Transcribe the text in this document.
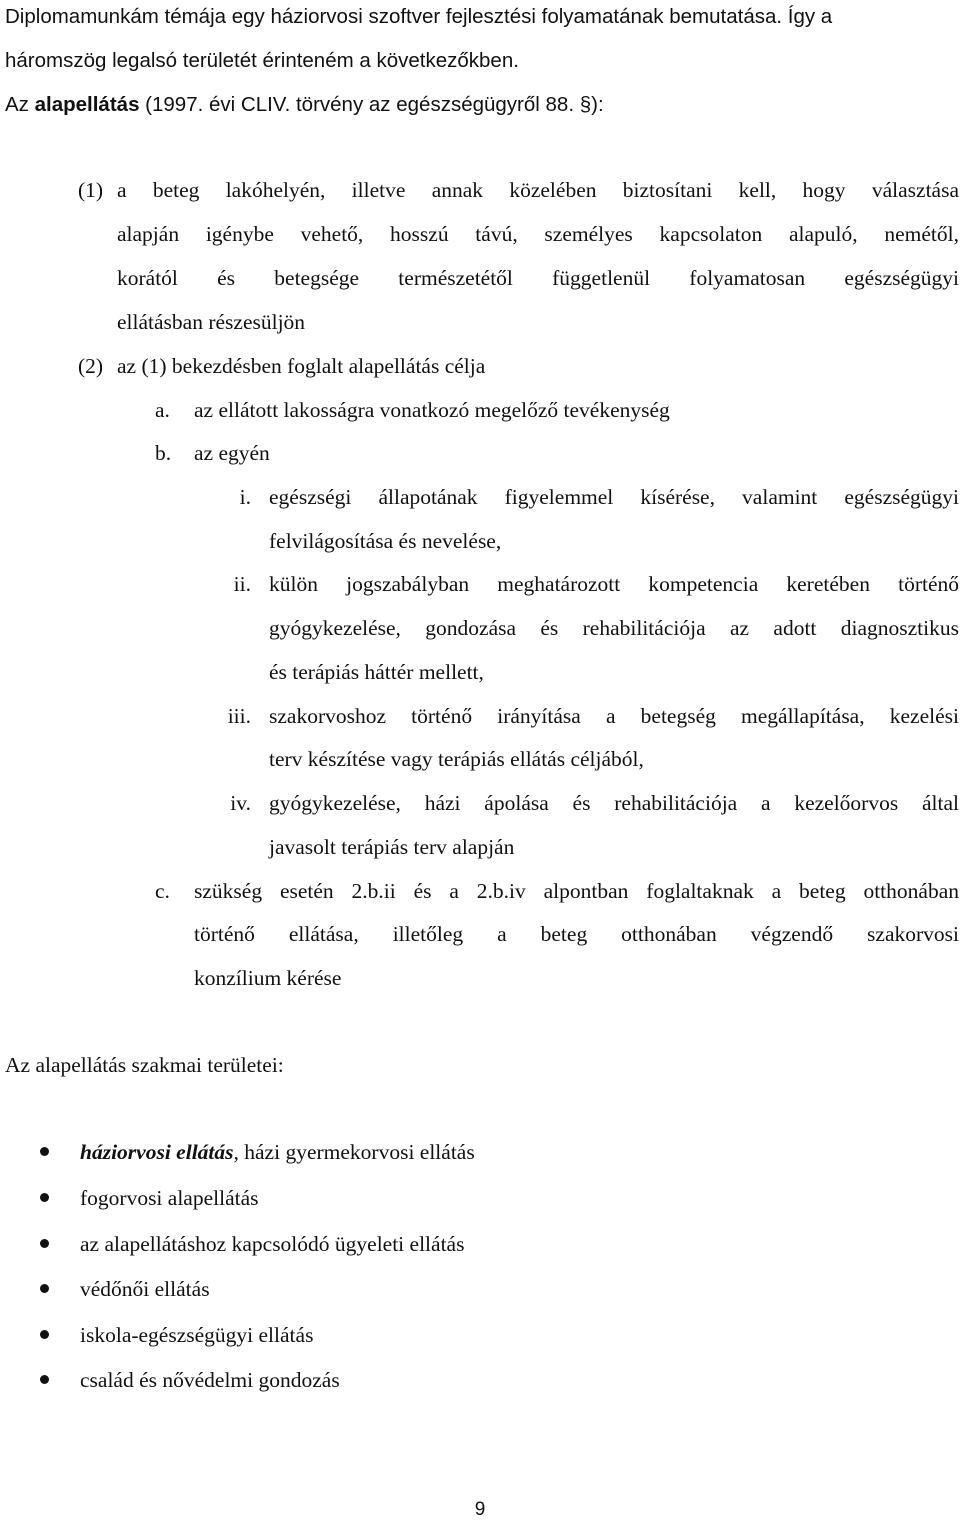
Diplomamunkám témája egy háziorvosi szoftver fejlesztési folyamatának bemutatása. Így a
háromszög legalsó területét érinteném a következőkben.
Az alapellátás (1997. évi CLIV. törvény az egészségügyről 88. §):
(1) a beteg lakóhelyén, illetve annak közelében biztosítani kell, hogy választása
alapján igénybe vehető, hosszú távú, személyes kapcsolaton alapuló, nemétől,
korától és betegsége természetétől függetlenül folyamatosan egészségügyi
ellátásban részesüljön
(2) az (1) bekezdésben foglalt alapellátás célja
a.	az ellátott lakosságra vonatkozó megelőző tevékenység
b.	az egyén
i. egészségi állapotának figyelemmel kísérése, valamint egészségügyi
felvilágosítása és nevelése,
ii. külön jogszabályban meghatározott kompetencia keretében történő
gyógykezelése, gondozása és rehabilitációja az adott diagnosztikus
és terápiás háttér mellett,
iii. szakorvoshoz történő irányítása a betegség megállapítása, kezelési
terv készítése vagy terápiás ellátás céljából,
iv. gyógykezelése, házi ápolása és rehabilitációja a kezelőorvos által
javasolt terápiás terv alapján
c.	szükség esetén 2.b.ii és a 2.b.iv alpontban foglaltaknak a beteg otthonában
történő ellátása, illetőleg a beteg otthonában végzendő szakorvosi
konzílium kérése
Az alapellátás szakmai területei:
háziorvosi ellátás, házi gyermekorvosi ellátás
fogorvosi alapellátás
az alapellátáshoz kapcsolódó ügyeleti ellátás
védőnői ellátás
iskola-egészségügyi ellátás
család és nővédelmi gondozás
9
